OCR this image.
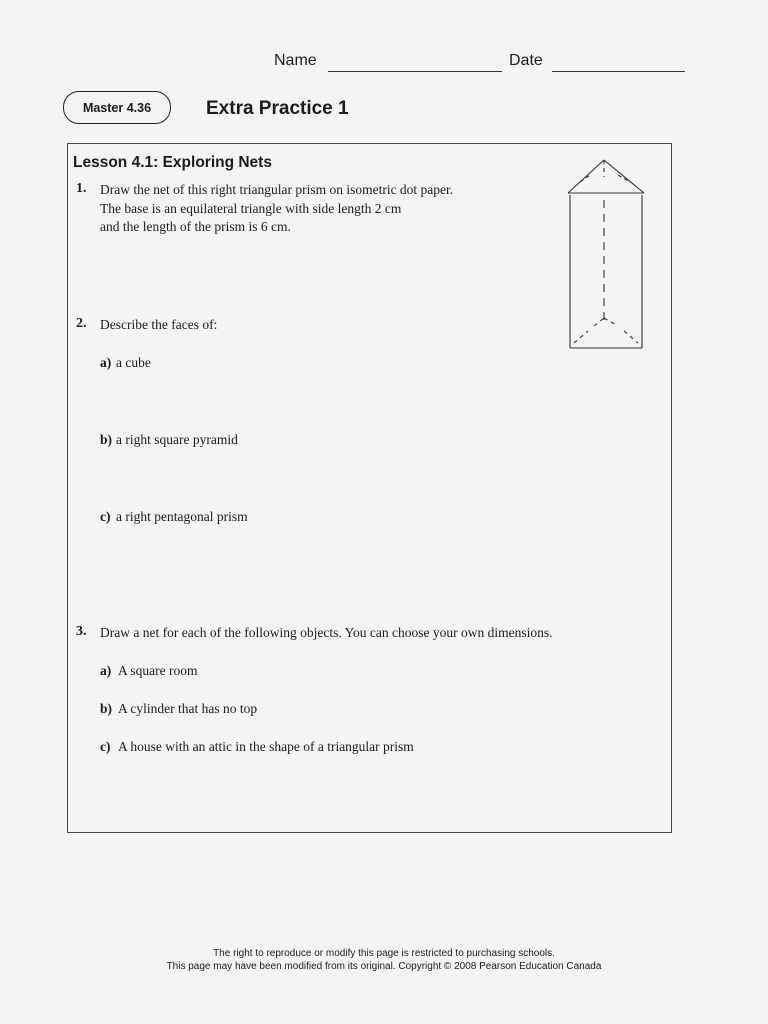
Name	Date
Master 4.36	Extra Practice 1
Lesson 4.1: Exploring Nets
1. Draw the net of this right triangular prism on isometric dot paper.
The base is an equilateral triangle with side length 2 cm
and the length of the prism is 6 cm.
2. Describe the faces of:
a) a cube
b) a right square pyramid
c) a right pentagonal prism
3. Draw a net for each of the following objects. You can choose your own dimensions.
a) A square room
b) A cylinder that has no top
c) A house with an attic in the shape of a triangular prism
The right to reproduce or modify this page is restricted to purchasing schools.
This page may have been modified from its original. Copyright © 2008 Pearson Education Canada
